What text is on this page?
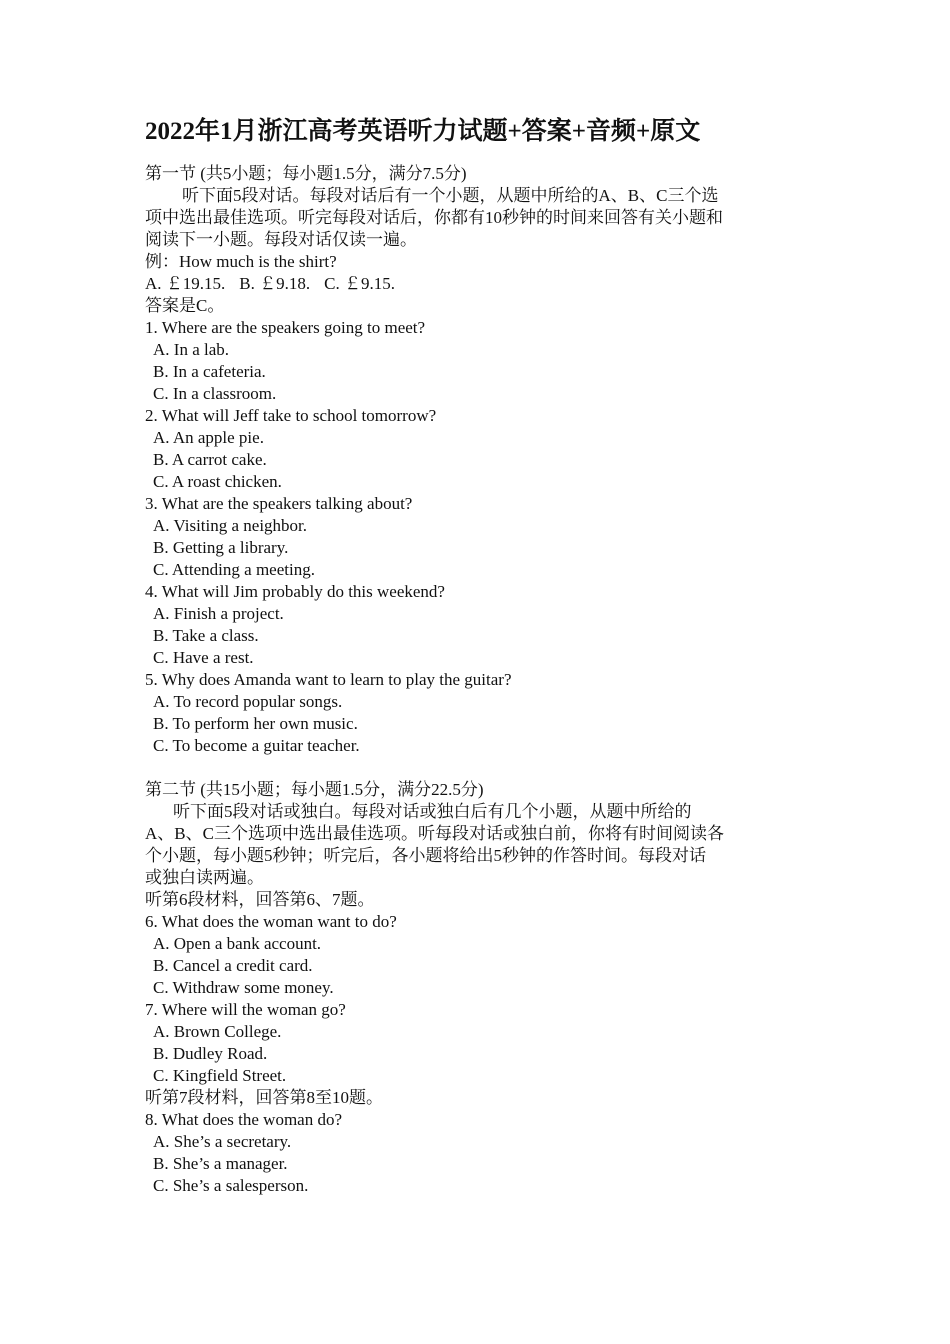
2022年1月浙江高考英语听力试题+答案+音频+原文
第一节 (共5小题；每小题1.5分，满分7.5分)
听下面5段对话。每段对话后有一个小题，从题中所给的A、B、C三个选
项中选出最佳选项。听完每段对话后，你都有10秒钟的时间来回答有关小题和
阅读下一小题。每段对话仅读一遍。
例：How much is the shirt?
A. ￡19.15. B. ￡9.18. C. ￡9.15.
答案是C。
1. Where are the speakers going to meet?
A. In a lab.
B. In a cafeteria.
C. In a classroom.
2. What will Jeff take to school tomorrow?
A. An apple pie.
B. A carrot cake.
C. A roast chicken.
3. What are the speakers talking about?
A. Visiting a neighbor.
B. Getting a library.
C. Attending a meeting.
4. What will Jim probably do this weekend?
A. Finish a project.
B. Take a class.
C. Have a rest.
5. Why does Amanda want to learn to play the guitar?
A. To record popular songs.
B. To perform her own music.
C. To become a guitar teacher.
第二节 (共15小题；每小题1.5分，满分22.5分)
听下面5段对话或独白。每段对话或独白后有几个小题，从题中所给的
A、B、C三个选项中选出最佳选项。听每段对话或独白前，你将有时间阅读各
个小题，每小题5秒钟；听完后，各小题将给出5秒钟的作答时间。每段对话
或独白读两遍。
听第6段材料，回答第6、7题。
6. What does the woman want to do?
A. Open a bank account.
B. Cancel a credit card.
C. Withdraw some money.
7. Where will the woman go?
A. Brown College.
B. Dudley Road.
C. Kingfield Street.
听第7段材料，回答第8至10题。
8. What does the woman do?
A. She’s a secretary.
B. She’s a manager.
C. She’s a salesperson.
